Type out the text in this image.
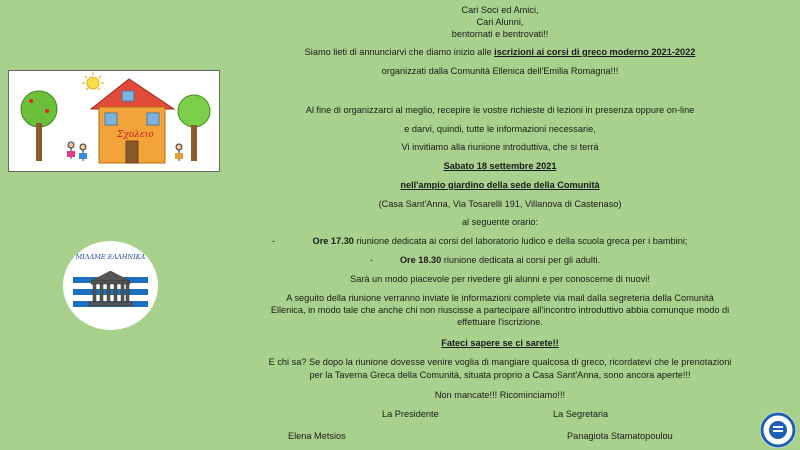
Σχολειο
ΜΙΛΑΜΕ ΕΛΛΗΝΙΚΑ
Cari Soci ed Amici,
Cari Alunni,
bentornati e bentrovati!!
Siamo lieti di annunciarvi che diamo inizio alle iscrizioni ai corsi di greco moderno 2021-2022
organizzati dalla Comunità Ellenica dell'Emilia Romagna!!!
Al fine di organizzarci al meglio, recepire le vostre richieste di lezioni in presenza oppure on-line
e darvi, quindi, tutte le informazioni necessarie,
Vi invitiamo alla riunione introduttiva, che si terrà
Sabato 18 settembre 2021
nell'ampio giardino della sede della Comunità
(Casa Sant'Anna, Via Tosarelli 191, Villanova di Castenaso)
al seguente orario:
-	Ore 17.30 riunione dedicata ai corsi del laboratorio ludico e della scuola greca per i bambini;
-	Ore 18.30 riunione dedicata ai corsi per gli adulti.
Sarà un modo piacevole per rivedere gli alunni e per conoscerne di nuovi!
A seguito della riunione verranno inviate le informazioni complete via mail dalla segreteria della Comunità
Ellenica, in modo tale che anche chi non riuscisse a partecipare all'incontro introduttivo abbia comunque modo di
effettuare l'iscrizione.
Fateci sapere se ci sarete!!
E chi sa? Se dopo la riunione dovesse venire voglia di mangiare qualcosa di greco, ricordatevi che le prenotazioni
per la Taverna Greca della Comunità, situata proprio a Casa Sant'Anna, sono ancora aperte!!!
Non mancate!!! Ricominciamo!!!
La Presidente	La Segretaria
Elena Metsios	Panagiota Stamatopoulou
